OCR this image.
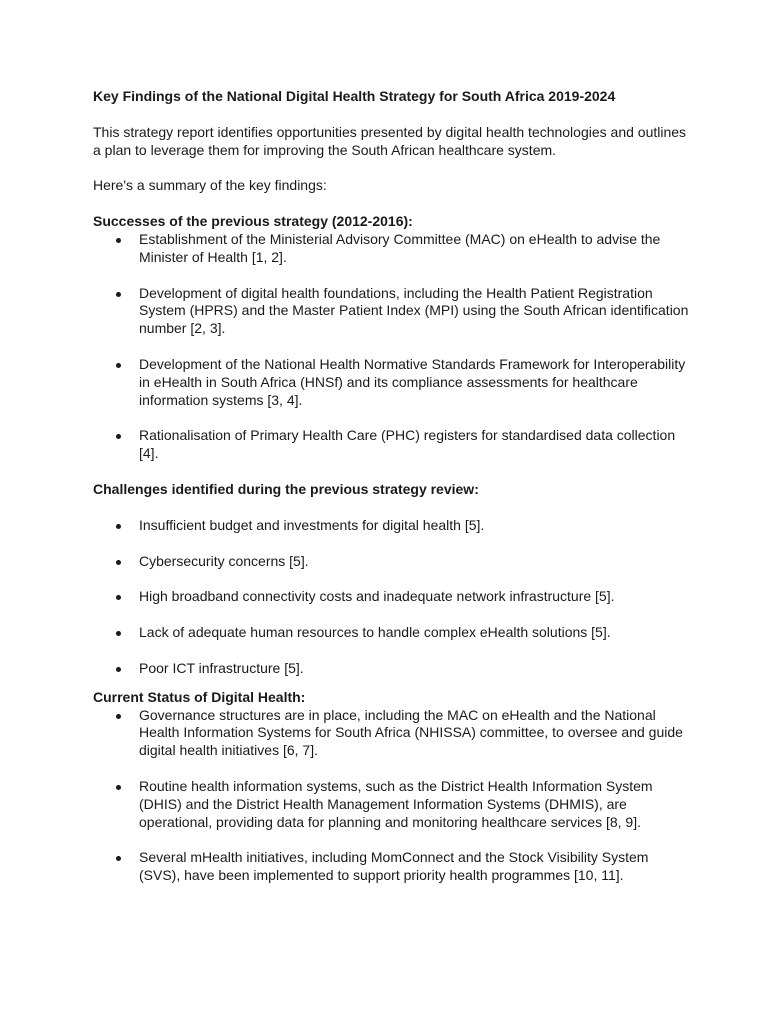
Key Findings of the National Digital Health Strategy for South Africa 2019-2024

This strategy report identifies opportunities presented by digital health technologies and outlines a plan to leverage them for improving the South African healthcare system.

Here's a summary of the key findings:

Successes of the previous strategy (2012-2016):

Establishment of the Ministerial Advisory Committee (MAC) on eHealth to advise the Minister of Health [1, 2].
Development of digital health foundations, including the Health Patient Registration System (HPRS) and the Master Patient Index (MPI) using the South African identification number [2, 3].
Development of the National Health Normative Standards Framework for Interoperability in eHealth in South Africa (HNSf) and its compliance assessments for healthcare information systems [3, 4].
Rationalisation of Primary Health Care (PHC) registers for standardised data collection [4].

Challenges identified during the previous strategy review:

Insufficient budget and investments for digital health [5].
Cybersecurity concerns [5].
High broadband connectivity costs and inadequate network infrastructure [5].
Lack of adequate human resources to handle complex eHealth solutions [5].
Poor ICT infrastructure [5].

Current Status of Digital Health:

Governance structures are in place, including the MAC on eHealth and the National Health Information Systems for South Africa (NHISSA) committee, to oversee and guide digital health initiatives [6, 7].
Routine health information systems, such as the District Health Information System (DHIS) and the District Health Management Information Systems (DHMIS), are operational, providing data for planning and monitoring healthcare services [8, 9].
Several mHealth initiatives, including MomConnect and the Stock Visibility System (SVS), have been implemented to support priority health programmes [10, 11].
